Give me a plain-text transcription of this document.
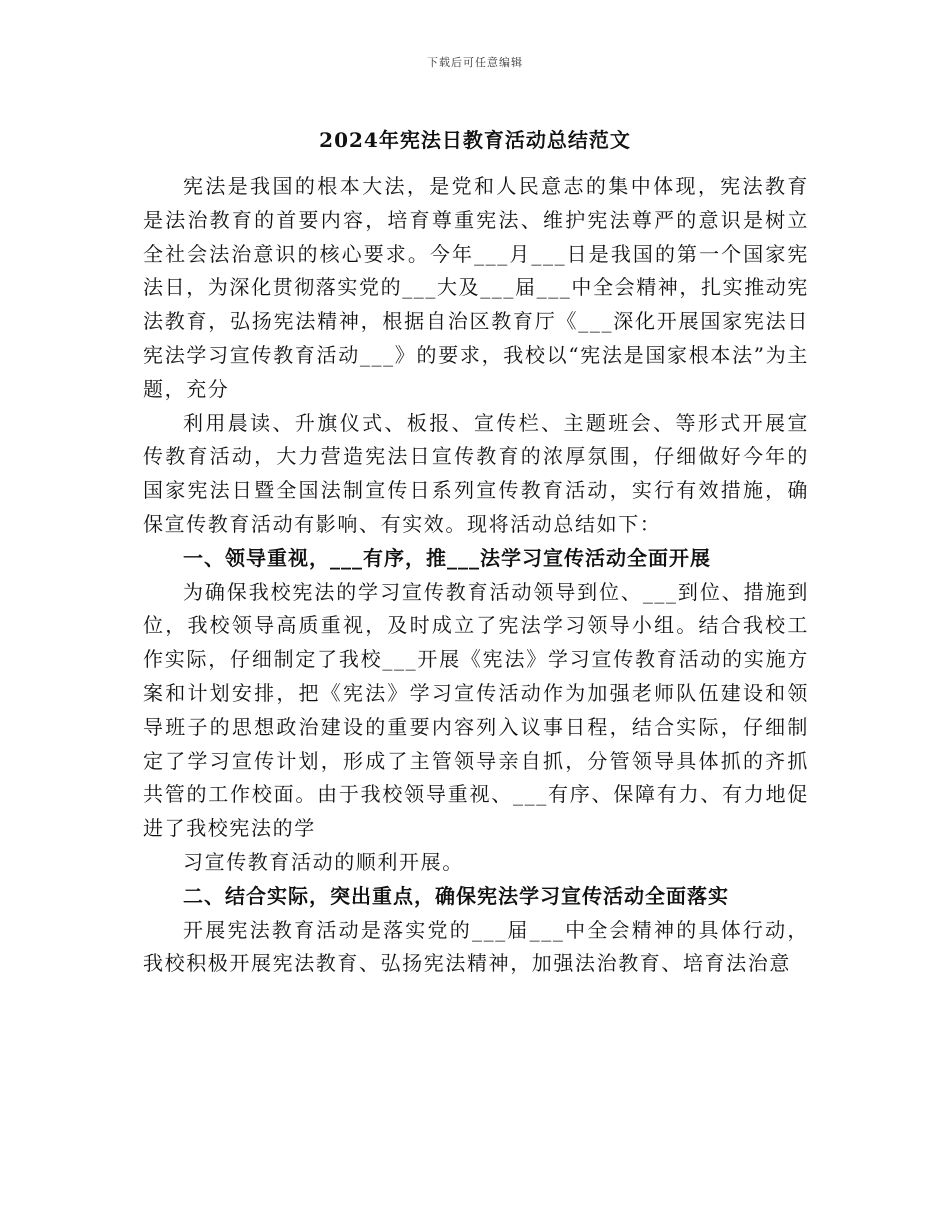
下载后可任意编辑
2024年宪法日教育活动总结范文

宪法是我国的根本大法，是党和人民意志的集中体现，宪法教育是法治教育的首要内容，培育尊重宪法、维护宪法尊严的意识是树立全社会法治意识的核心要求。今年___月___日是我国的第一个国家宪法日，为深化贯彻落实党的___大及___届___中全会精神，扎实推动宪法教育，弘扬宪法精神，根据自治区教育厅《___深化开展国家宪法日宪法学习宣传教育活动___》的要求，我校以“宪法是国家根本法”为主题，充分

利用晨读、升旗仪式、板报、宣传栏、主题班会、等形式开展宣传教育活动，大力营造宪法日宣传教育的浓厚氛围，仔细做好今年的国家宪法日暨全国法制宣传日系列宣传教育活动，实行有效措施，确保宣传教育活动有影响、有实效。现将活动总结如下：

一、领导重视，___有序，推___法学习宣传活动全面开展

为确保我校宪法的学习宣传教育活动领导到位、___到位、措施到位，我校领导高质重视，及时成立了宪法学习领导小组。结合我校工作实际，仔细制定了我校___开展《宪法》学习宣传教育活动的实施方案和计划安排，把《宪法》学习宣传活动作为加强老师队伍建设和领导班子的思想政治建设的重要内容列入议事日程，结合实际，仔细制定了学习宣传计划，形成了主管领导亲自抓，分管领导具体抓的齐抓共管的工作校面。由于我校领导重视、___有序、保障有力、有力地促进了我校宪法的学

习宣传教育活动的顺利开展。

二、结合实际，突出重点，确保宪法学习宣传活动全面落实

开展宪法教育活动是落实党的___届___中全会精神的具体行动，我校积极开展宪法教育、弘扬宪法精神，加强法治教育、培育法治意
